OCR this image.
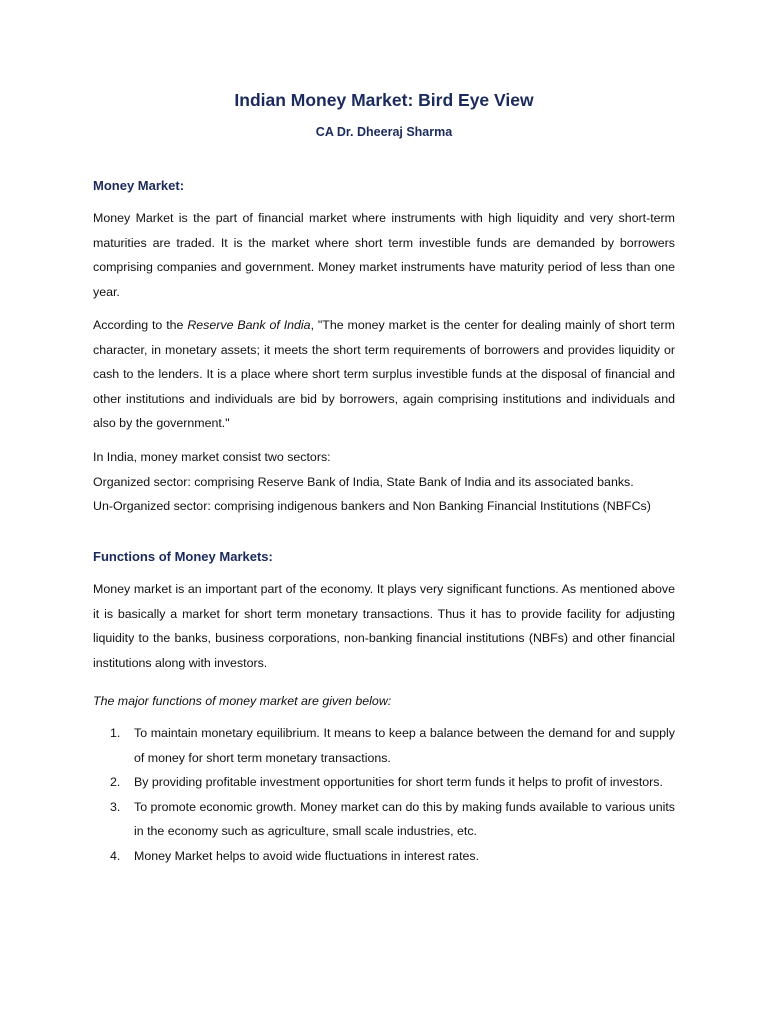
Indian Money Market: Bird Eye View
CA Dr. Dheeraj Sharma
Money Market:

Money Market is the part of financial market where instruments with high liquidity and very short-term maturities are traded. It is the market where short term investible funds are demanded by borrowers comprising companies and government. Money market instruments have maturity period of less than one year.

According to the Reserve Bank of India, "The money market is the center for dealing mainly of short term character, in monetary assets; it meets the short term requirements of borrowers and provides liquidity or cash to the lenders. It is a place where short term surplus investible funds at the disposal of financial and other institutions and individuals are bid by borrowers, again comprising institutions and individuals and also by the government."

In India, money market consist two sectors:
Organized sector: comprising Reserve Bank of India, State Bank of India and its associated banks.
Un-Organized sector: comprising indigenous bankers and Non Banking Financial Institutions (NBFCs)
Functions of Money Markets:

Money market is an important part of the economy. It plays very significant functions. As mentioned above it is basically a market for short term monetary transactions. Thus it has to provide facility for adjusting liquidity to the banks, business corporations, non-banking financial institutions (NBFs) and other financial institutions along with investors.

The major functions of money market are given below:

1. To maintain monetary equilibrium. It means to keep a balance between the demand for and supply of money for short term monetary transactions.
2. By providing profitable investment opportunities for short term funds it helps to profit of investors.
3. To promote economic growth. Money market can do this by making funds available to various units in the economy such as agriculture, small scale industries, etc.
4. Money Market helps to avoid wide fluctuations in interest rates.
